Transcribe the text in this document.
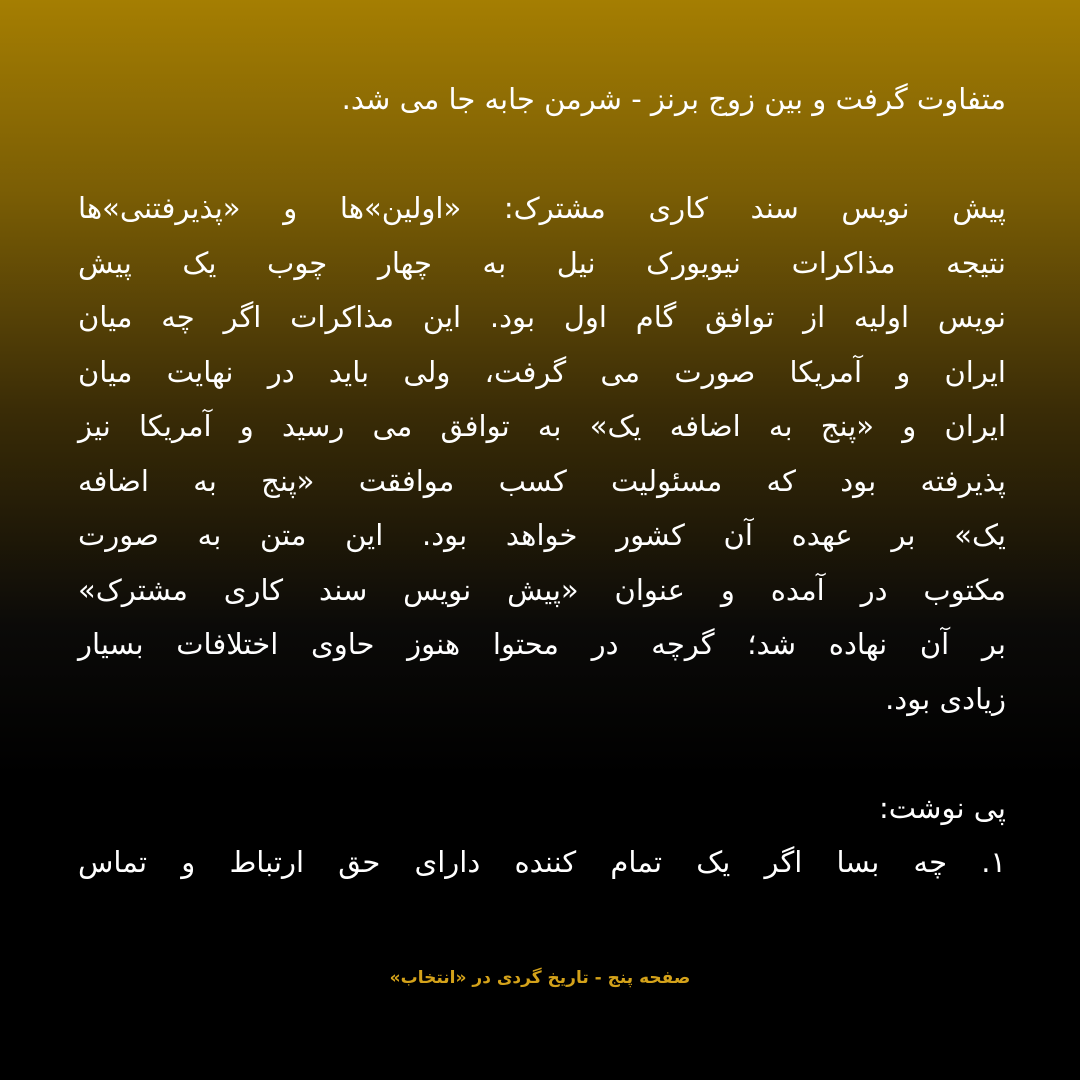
متفاوت گرفت و بین زوج برنز - شرمن جابه جا می شد.

پیش نویس سند کاری مشترک: «اولین»ها و «پذیرفتنی»ها
نتیجه مذاکرات نیویورک نیل به چهار چوب یک پیش
نویس اولیه از توافق گام اول بود. این مذاکرات اگر چه میان
ایران و آمریکا صورت می گرفت، ولی باید در نهایت میان
ایران و «پنج به اضافه یک» به توافق می رسید و آمریکا نیز
پذیرفته بود که مسئولیت کسب موافقت «پنج به اضافه
یک» بر عهده آن کشور خواهد بود. این متن به صورت
مکتوب در آمده و عنوان «پیش نویس سند کاری مشترک»
بر آن نهاده شد؛ گرچه در محتوا هنوز حاوی اختلافات بسیار
زیادی بود.

پی نوشت:
۱. چه بسا اگر یک تمام کننده دارای حق ارتباط و تماس

صفحه پنج - تاریخ گردی در «انتخاب»
